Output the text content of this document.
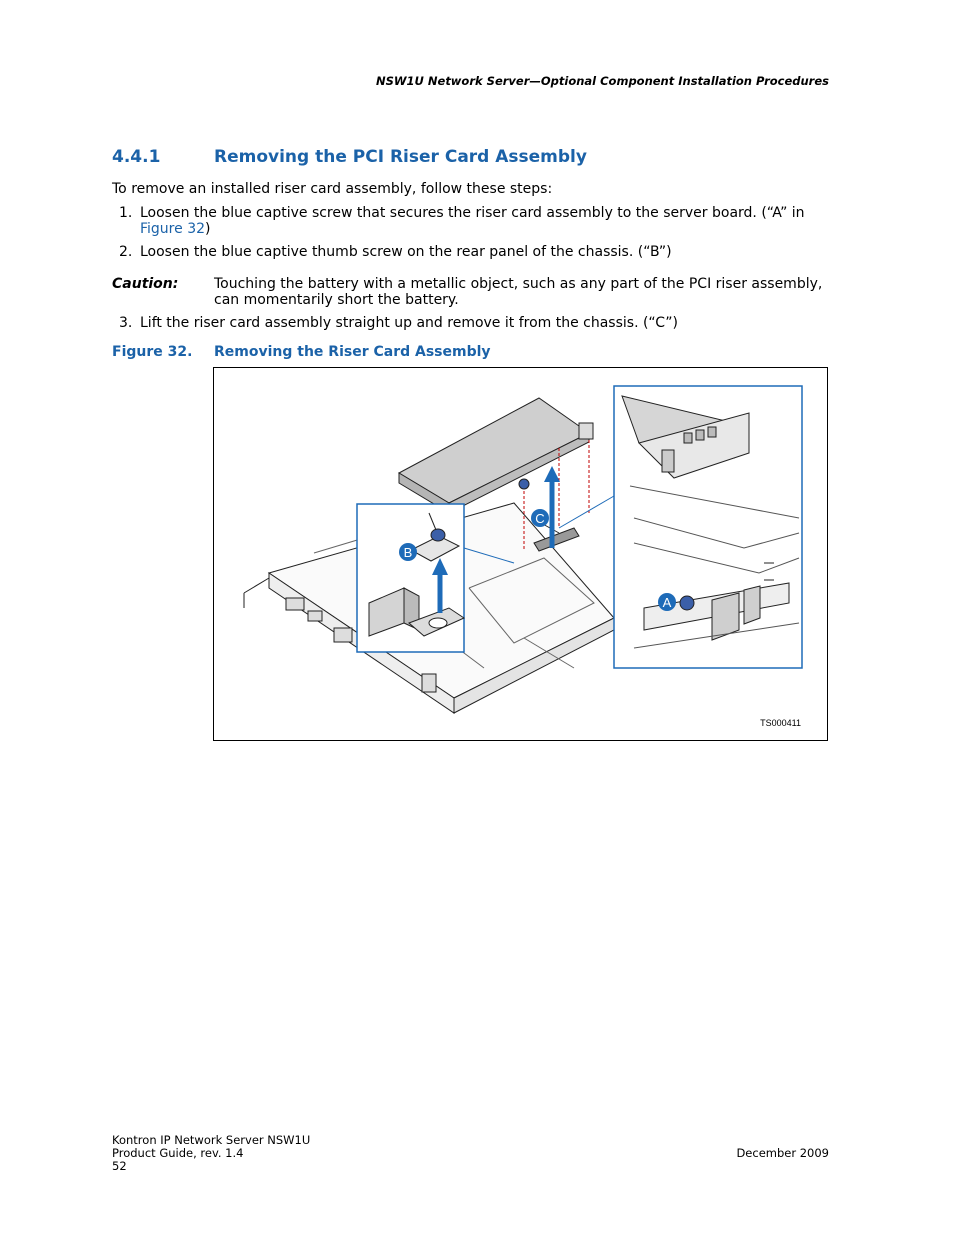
NSW1U Network Server—Optional Component Installation Procedures
4.4.1	Removing the PCI Riser Card Assembly
To remove an installed riser card assembly, follow these steps:
1. Loosen the blue captive screw that secures the riser card assembly to the server board. (“A” in Figure 32)
2. Loosen the blue captive thumb screw on the rear panel of the chassis. (“B”)
Caution:	Touching the battery with a metallic object, such as any part of the PCI riser assembly, can momentarily short the battery.
3. Lift the riser card assembly straight up and remove it from the chassis. (“C”)
Figure 32. Removing the Riser Card Assembly
A
B
C
TS000411
Kontron IP Network Server NSW1U
Product Guide, rev. 1.4
52
December 2009
